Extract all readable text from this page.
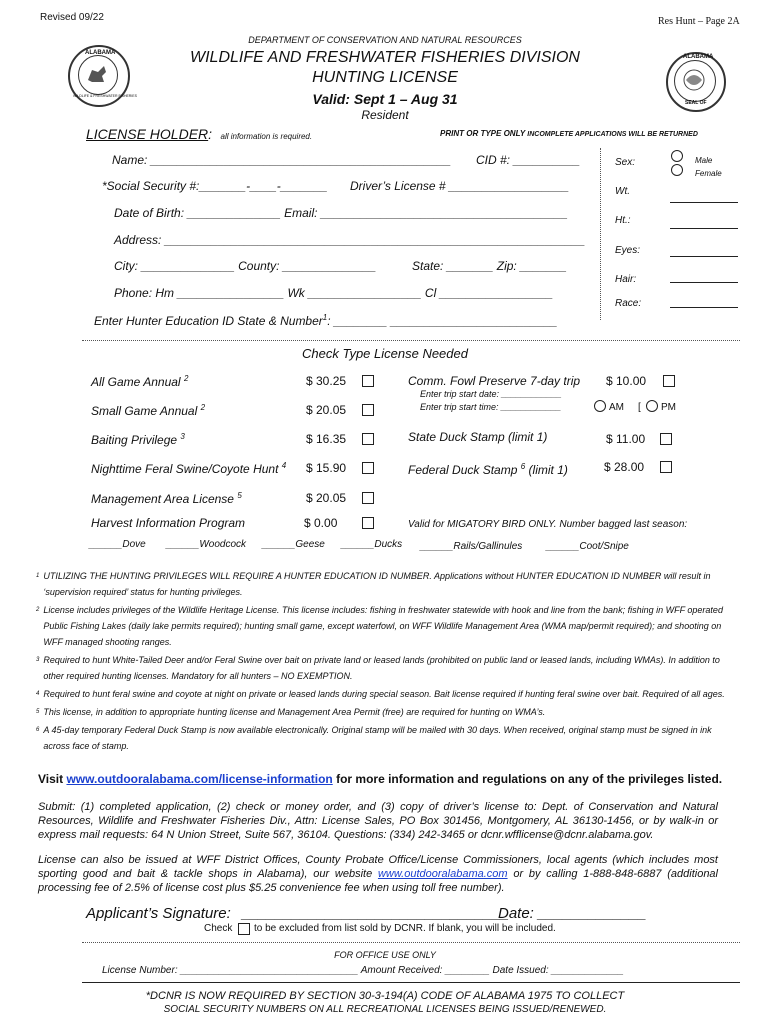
Revised 09/22	Res Hunt – Page 2A
DEPARTMENT OF CONSERVATION AND NATURAL RESOURCES
WILDLIFE AND FRESHWATER FISHERIES DIVISION
HUNTING LICENSE
Valid: Sept 1 – Aug 31
Resident
ALABAMA
WILDLIFE & FRESHWATER FISHERIES
ALABAMA
SEAL OF
LICENSE HOLDER: all information is required.	PRINT OR TYPE ONLY INCOMPLETE APPLICATIONS WILL BE RETURNED
Name: _____________________________________________ CID #: __________
*Social Security #:_______-____-_______ Driver’s License # __________________
Date of Birth: ______________ Email: _____________________________________
Address: _______________________________________________________________
City: ______________ County: ______________	State: _______ Zip: _______
Phone: Hm ________________ Wk _________________ Cl _________________
Enter Hunter Education ID State & Number$^1$: ________ _________________________
Sex:	Male
Female
Wt.
Ht.:
Eyes:
Hair:
Race:
Check Type License Needed
All Game Annual $^2$	$ 30.25
Small Game Annual $^2$	$ 20.05
Baiting Privilege $^3$	$ 16.35
Nighttime Feral Swine/Coyote Hunt $^4$ $ 15.90
Management Area License $^5$	$ 20.05
Harvest Information Program	$ 0.00
Comm. Fowl Preserve 7-day trip $ 10.00
Enter trip start date: ____________
Enter trip start time: ____________	AM [ PM
State Duck Stamp (limit 1)	$ 11.00
Federal Duck Stamp $^6$ (limit 1)	$ 28.00
Valid for MIGATORY BIRD ONLY. Number bagged last season:
______Dove ______Woodcock ______Geese ______Ducks ______Rails/Gallinules ______Coot/Snipe
1 UTILIZING THE HUNTING PRIVILEGES WILL REQUIRE A HUNTER EDUCATION ID NUMBER. Applications without HUNTER EDUCATION ID NUMBER will result in ‘supervision required’ status for hunting privileges.
2 License includes privileges of the Wildlife Heritage License. This license includes: fishing in freshwater statewide with hook and line from the bank; fishing in WFF operated Public Fishing Lakes (daily lake permits required); hunting small game, except waterfowl, on WFF Wildlife Management Area (WMA map/permit required); and shooting on WFF managed shooting ranges.
3 Required to hunt White-Tailed Deer and/or Feral Swine over bait on private land or leased lands (prohibited on public land or leased lands, including WMAs). In addition to other required hunting licenses. Mandatory for all hunters – NO EXEMPTION.
4 Required to hunt feral swine and coyote at night on private or leased lands during special season. Bait license required if hunting feral swine over bait. Required of all ages.
5 This license, in addition to appropriate hunting license and Management Area Permit (free) are required for hunting on WMA’s.
6 A 45-day temporary Federal Duck Stamp is now available electronically. Original stamp will be mailed with 30 days. When received, original stamp must be signed in ink across face of stamp.
Visit www.outdooralabama.com/license-information for more information and regulations on any of the privileges listed.
Submit: (1) completed application, (2) check or money order, and (3) copy of driver’s license to: Dept. of Conservation and Natural Resources, Wildlife and Freshwater Fisheries Div., Attn: License Sales, PO Box 301456, Montgomery, AL 36130-1456, or by walk-in or express mail requests: 64 N Union Street, Suite 567, 36104. Questions: (334) 242-3465 or dcnr.wfflicense@dcnr.alabama.gov.
License can also be issued at WFF District Offices, County Probate Office/License Commissioners, local agents (which includes most sporting good and bait & tackle shops in Alabama), our website www.outdooralabama.com or by calling 1-888-848-6887 (additional processing fee of 2.5% of license cost plus $5.25 convenience fee when using toll free number).
Applicant’s Signature: ________________________________
Date: _____________
Check to be excluded from list sold by DCNR. If blank, you will be included.
FOR OFFICE USE ONLY
License Number: ________________________________ Amount Received: ________ Date Issued: _____________
*DCNR IS NOW REQUIRED BY SECTION 30-3-194(A) CODE OF ALABAMA 1975 TO COLLECT
SOCIAL SECURITY NUMBERS ON ALL RECREATIONAL LICENSES BEING ISSUED/RENEWED.
